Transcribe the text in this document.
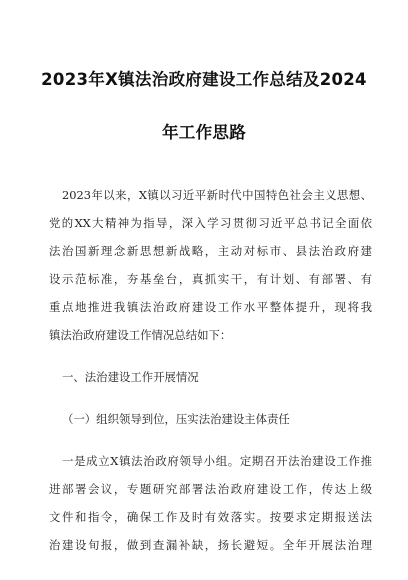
2023年X镇法治政府建设工作总结及2024
年工作思路
2023年以来，X镇以习近平新时代中国特色社会主义思想、
党的XX大精神为指导，深入学习贯彻习近平总书记全面依
法治国新理念新思想新战略，主动对标市、县法治政府建
设示范标准，夯基垒台，真抓实干，有计划、有部署、有
重点地推进我镇法治政府建设工作水平整体提升，现将我
镇法治政府建设工作情况总结如下：
一、法治建设工作开展情况
（一）组织领导到位，压实法治建设主体责任
一是成立X镇法治政府领导小组。定期召开法治建设工作推
进部署会议，专题研究部署法治政府建设工作，传达上级
文件和指令，确保工作及时有效落实。按要求定期报送法
治建设旬报，做到查漏补缺，扬长避短。全年开展法治理
